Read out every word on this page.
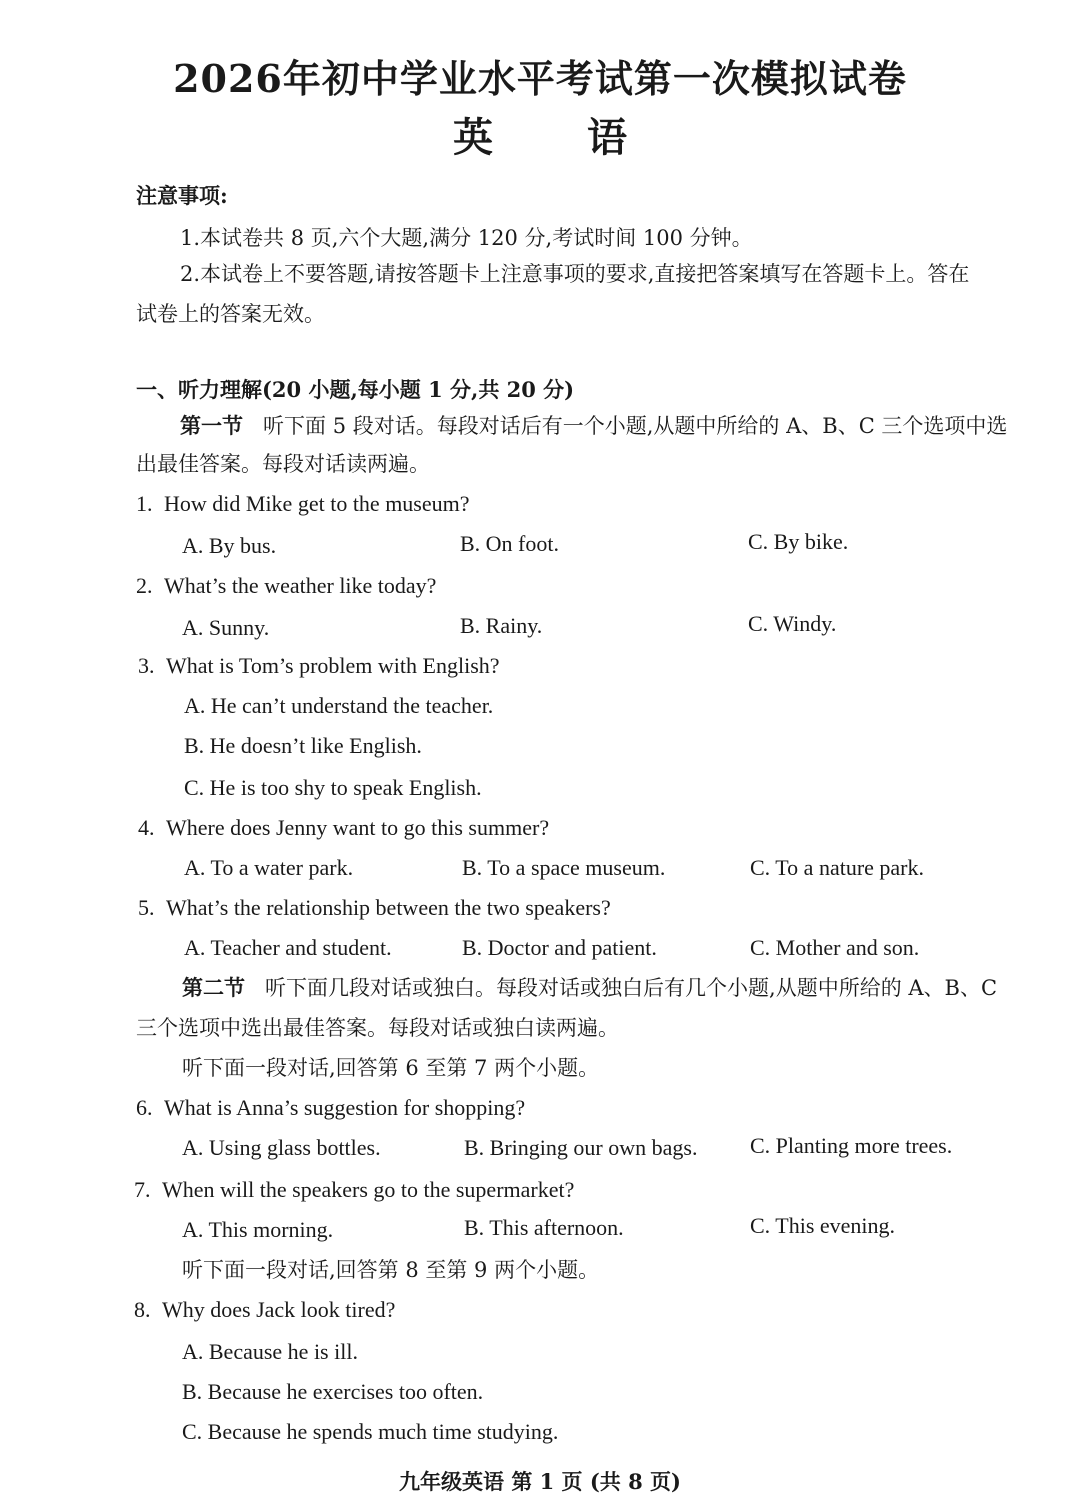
2026年初中学业水平考试第一次模拟试卷
英 语
注意事项:
1.本试卷共 8 页,六个大题,满分 120 分,考试时间 100 分钟。
2.本试卷上不要答题,请按答题卡上注意事项的要求,直接把答案填写在答题卡上。答在
试卷上的答案无效。
一、听力理解(20 小题,每小题 1 分,共 20 分)
第一节 听下面 5 段对话。每段对话后有一个小题,从题中所给的 A、B、C 三个选项中选
出最佳答案。每段对话读两遍。
1. How did Mike get to the museum?
A. By bus.	B. On foot.	C. By bike.
2. What’s the weather like today?
A. Sunny.	B. Rainy.	C. Windy.
3. What is Tom’s problem with English?
A. He can’t understand the teacher.
B. He doesn’t like English.
C. He is too shy to speak English.
4. Where does Jenny want to go this summer?
A. To a water park.	B. To a space museum.	C. To a nature park.
5. What’s the relationship between the two speakers?
A. Teacher and student.	B. Doctor and patient.	C. Mother and son.
第二节 听下面几段对话或独白。每段对话或独白后有几个小题,从题中所给的 A、B、C
三个选项中选出最佳答案。每段对话或独白读两遍。
听下面一段对话,回答第 6 至第 7 两个小题。
6. What is Anna’s suggestion for shopping?
A. Using glass bottles.	B. Bringing our own bags. C. Planting more trees.
7. When will the speakers go to the supermarket?
A. This morning.	B. This afternoon.	C. This evening.
听下面一段对话,回答第 8 至第 9 两个小题。
8. Why does Jack look tired?
A. Because he is ill.
B. Because he exercises too often.
C. Because he spends much time studying.
九年级英语 第 1 页 (共 8 页)
